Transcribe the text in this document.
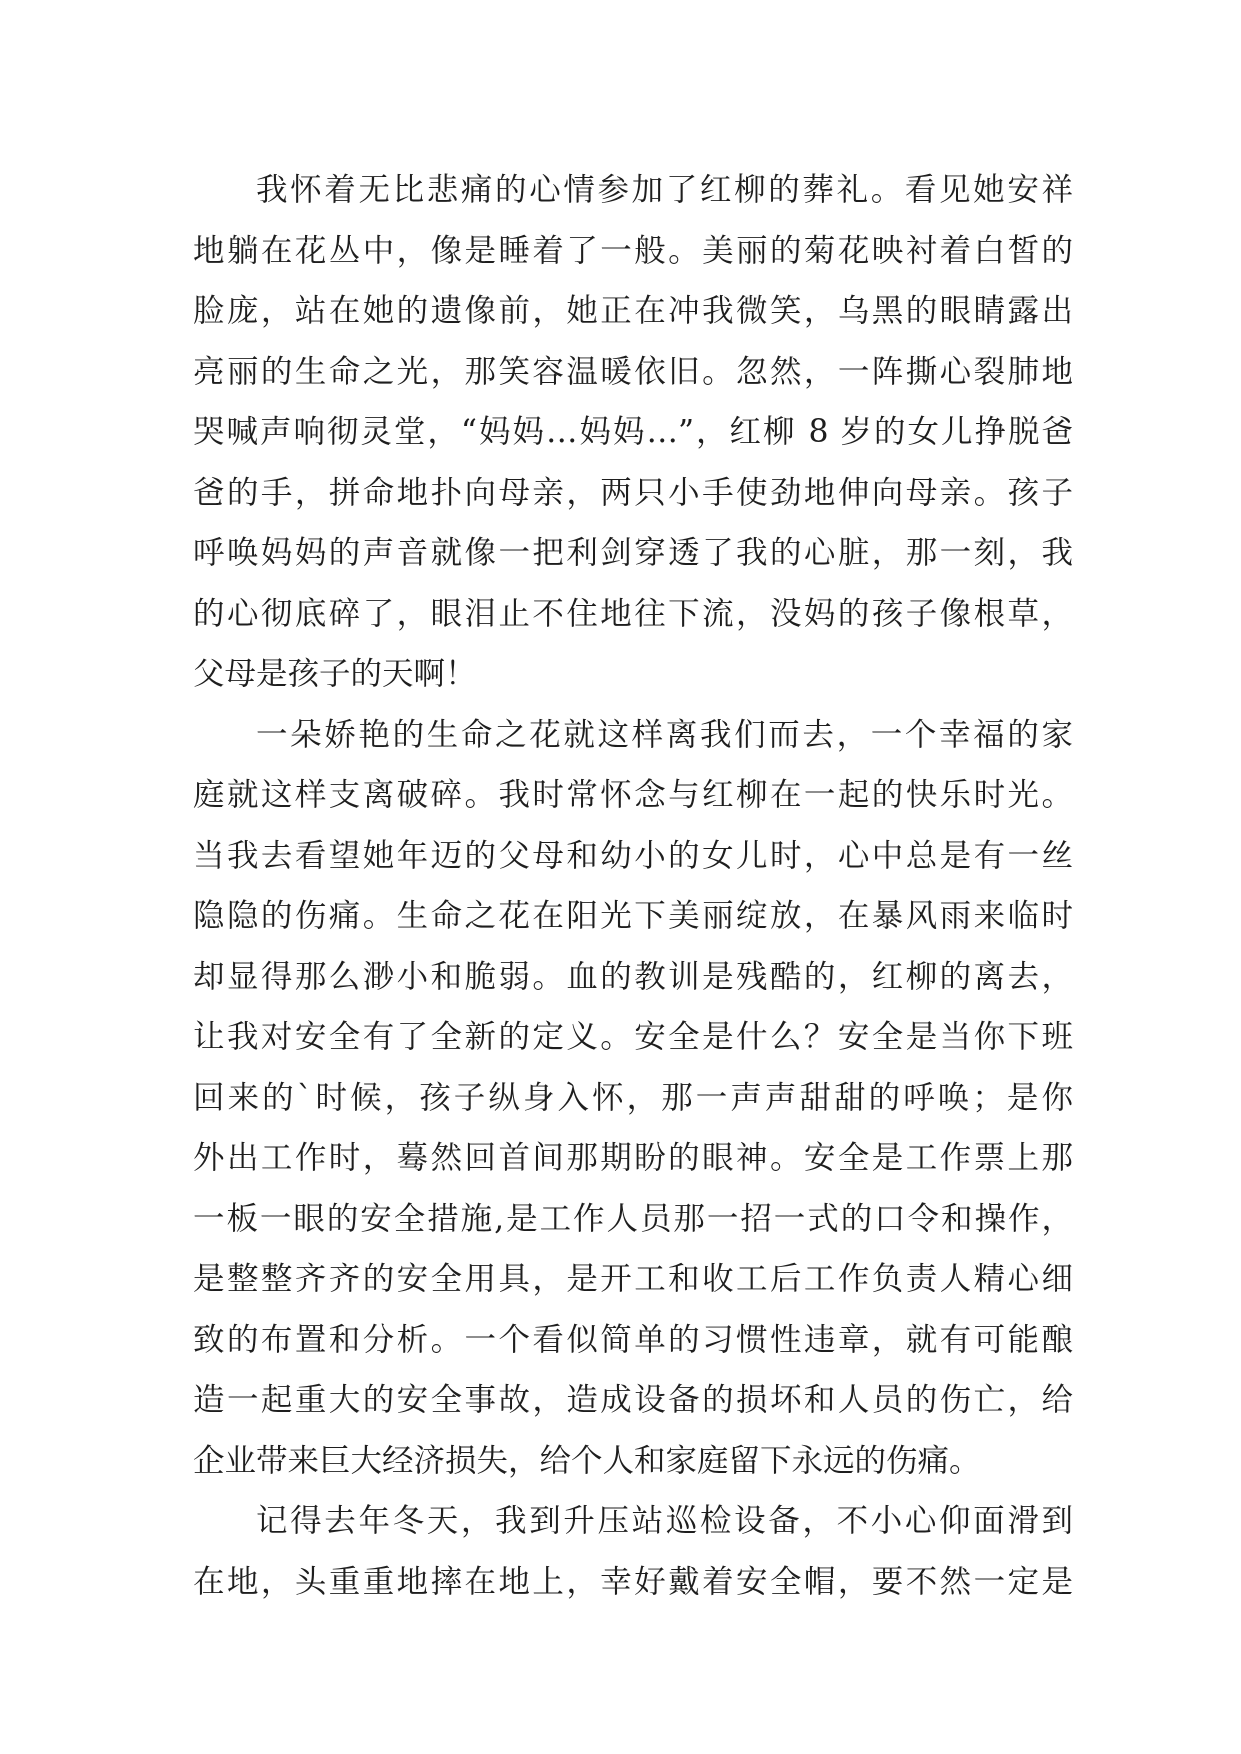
我怀着无比悲痛的心情参加了红柳的葬礼。看见她安祥
地躺在花丛中，像是睡着了一般。美丽的菊花映衬着白皙的
脸庞，站在她的遗像前，她正在冲我微笑，乌黑的眼睛露出
亮丽的生命之光，那笑容温暖依旧。忽然，一阵撕心裂肺地
哭喊声响彻灵堂，“妈妈…妈妈…”，红柳 8 岁的女儿挣脱爸
爸的手，拼命地扑向母亲，两只小手使劲地伸向母亲。孩子
呼唤妈妈的声音就像一把利剑穿透了我的心脏，那一刻，我
的心彻底碎了，眼泪止不住地往下流，没妈的孩子像根草，
父母是孩子的天啊！
一朵娇艳的生命之花就这样离我们而去，一个幸福的家
庭就这样支离破碎。我时常怀念与红柳在一起的快乐时光。
当我去看望她年迈的父母和幼小的女儿时，心中总是有一丝
隐隐的伤痛。生命之花在阳光下美丽绽放，在暴风雨来临时
却显得那么渺小和脆弱。血的教训是残酷的，红柳的离去，
让我对安全有了全新的定义。安全是什么？安全是当你下班
回来的`时候，孩子纵身入怀，那一声声甜甜的呼唤；是你
外出工作时，蓦然回首间那期盼的眼神。安全是工作票上那
一板一眼的安全措施,是工作人员那一招一式的口令和操作，
是整整齐齐的安全用具，是开工和收工后工作负责人精心细
致的布置和分析。一个看似简单的习惯性违章，就有可能酿
造一起重大的安全事故，造成设备的损坏和人员的伤亡，给
企业带来巨大经济损失，给个人和家庭留下永远的伤痛。
记得去年冬天，我到升压站巡检设备，不小心仰面滑到
在地，头重重地摔在地上，幸好戴着安全帽，要不然一定是
